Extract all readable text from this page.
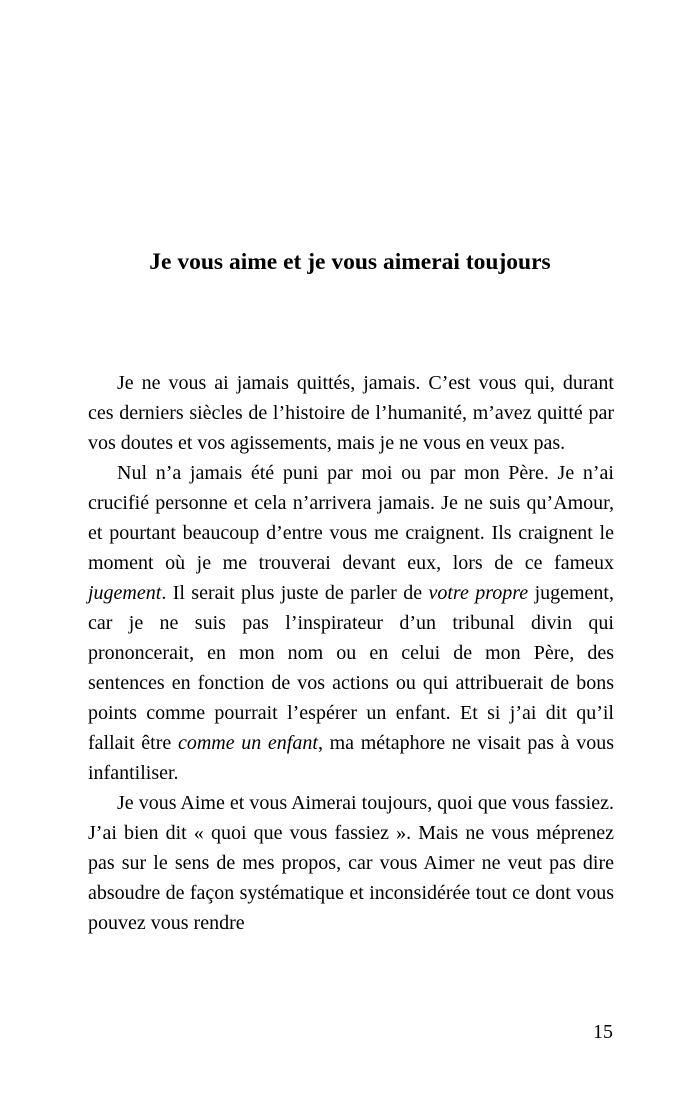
Je vous aime et je vous aimerai toujours

Je ne vous ai jamais quittés, jamais. C’est vous qui, durant ces derniers siècles de l’histoire de l’humanité, m’avez quitté par vos doutes et vos agissements, mais je ne vous en veux pas.

Nul n’a jamais été puni par moi ou par mon Père. Je n’ai crucifié personne et cela n’arrivera jamais. Je ne suis qu’Amour, et pourtant beaucoup d’entre vous me craignent. Ils craignent le moment où je me trouverai devant eux, lors de ce fameux jugement. Il serait plus juste de parler de votre propre jugement, car je ne suis pas l’inspirateur d’un tribunal divin qui prononcerait, en mon nom ou en celui de mon Père, des sentences en fonction de vos actions ou qui attribuerait de bons points comme pourrait l’espérer un enfant. Et si j’ai dit qu’il fallait être comme un enfant, ma métaphore ne visait pas à vous infantiliser.

Je vous Aime et vous Aimerai toujours, quoi que vous fassiez. J’ai bien dit « quoi que vous fassiez ». Mais ne vous méprenez pas sur le sens de mes propos, car vous Aimer ne veut pas dire absoudre de façon systématique et inconsidérée tout ce dont vous pouvez vous rendre

15
